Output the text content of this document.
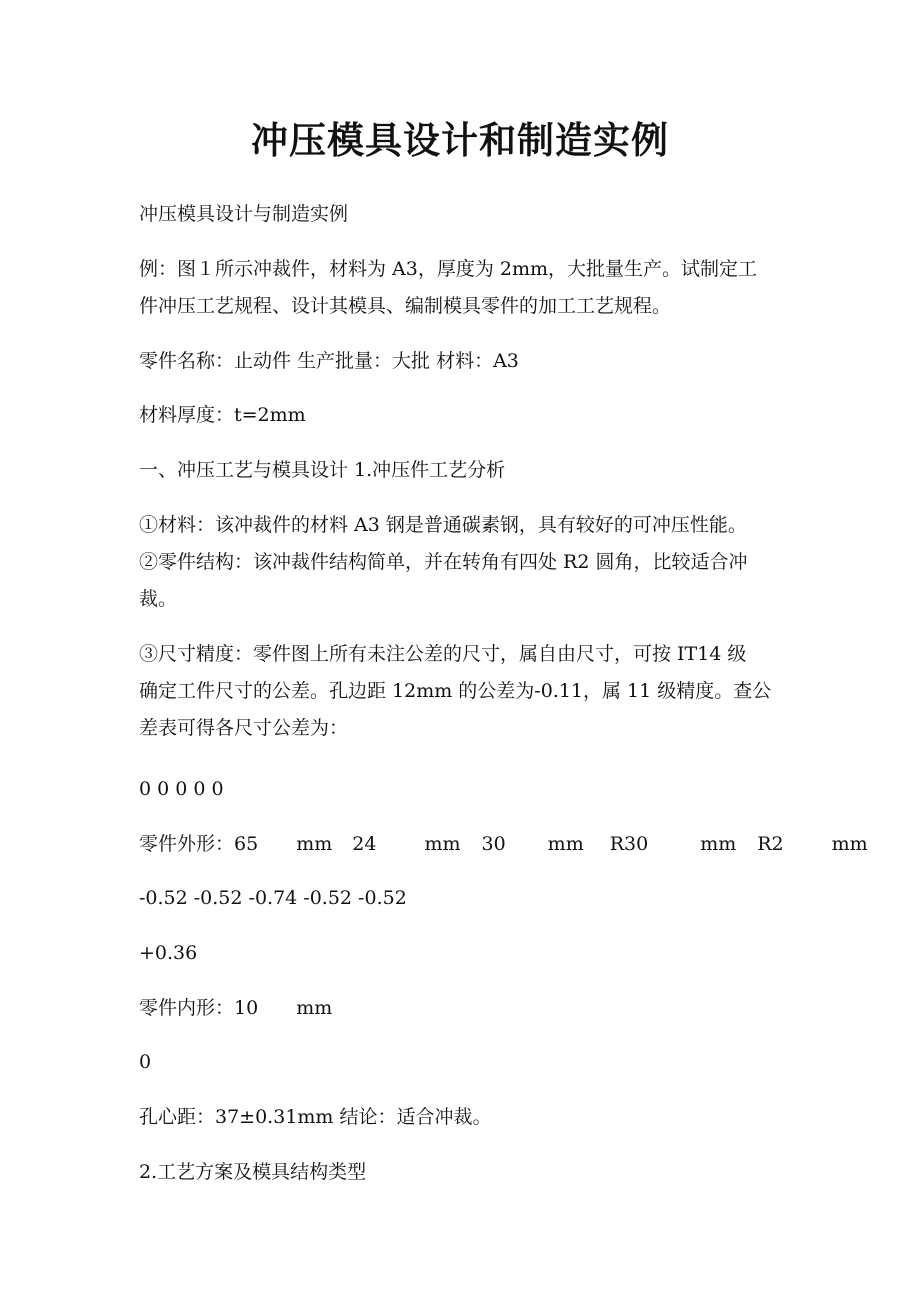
冲压模具设计和制造实例

冲压模具设计与制造实例

例：图１所示冲裁件，材料为 A3，厚度为 2mm，大批量生产。试制定工

件冲压工艺规程、设计其模具、编制模具零件的加工工艺规程。

零件名称：止动件 生产批量：大批 材料：A3

材料厚度：t=2mm

一、冲压工艺与模具设计 1.冲压件工艺分析

①材料：该冲裁件的材料 A3 钢是普通碳素钢，具有较好的可冲压性能。

②零件结构：该冲裁件结构简单，并在转角有四处 R2 圆角，比较适合冲

裁。

③尺寸精度：零件图上所有未注公差的尺寸，属自由尺寸，可按 IT14 级

确定工件尺寸的公差。孔边距 12mm 的公差为-0.11，属 11 级精度。查公

差表可得各尺寸公差为：

0 0 0 0 0

零件外形：65 mm 24	mm 30 mm R30	mm R2	mm

-0.52 -0.52 -0.74 -0.52 -0.52

+0.36

零件内形：10 mm

0

孔心距：37±0.31mm 结论：适合冲裁。

2.工艺方案及模具结构类型
